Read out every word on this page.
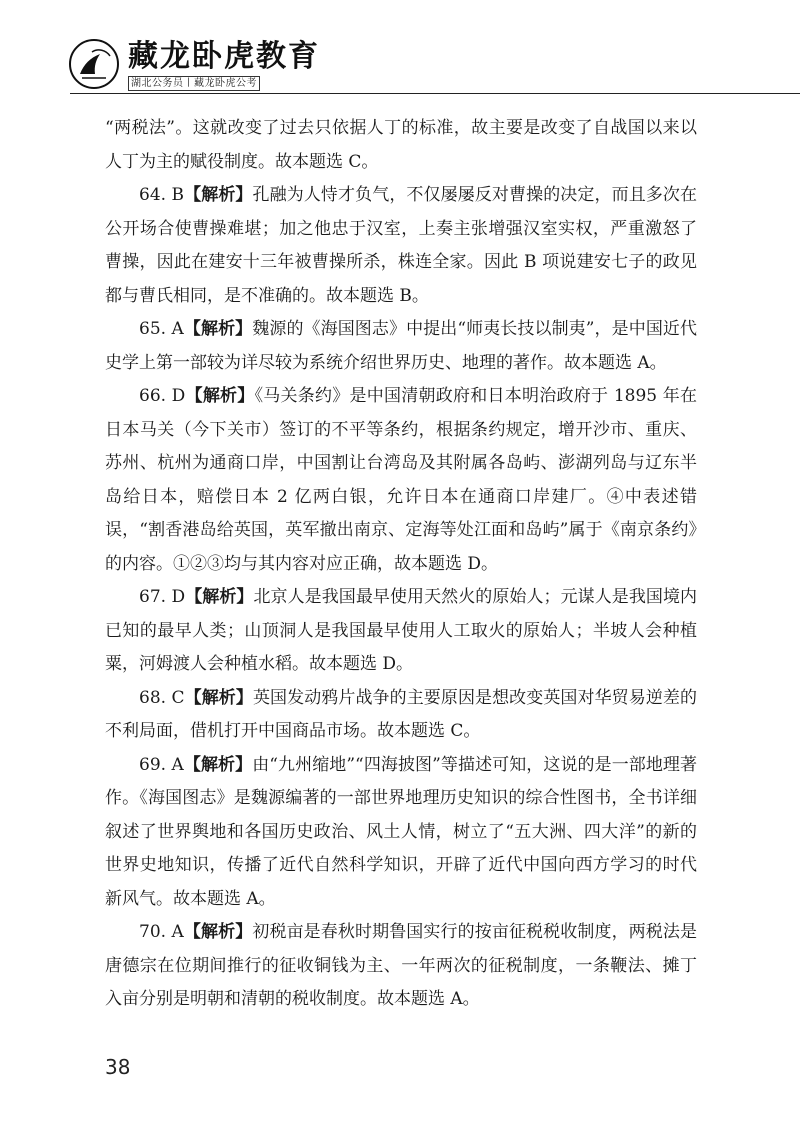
藏龙卧虎教育
湖北公务员丨藏龙卧虎公考

“两税法”。这就改变了过去只依据人丁的标准，故主要是改变了自战国以来以人丁为主的赋役制度。故本题选 C。

64. B【解析】孔融为人恃才负气，不仅屡屡反对曹操的决定，而且多次在公开场合使曹操难堪；加之他忠于汉室，上奏主张增强汉室实权，严重激怒了曹操，因此在建安十三年被曹操所杀，株连全家。因此 B 项说建安七子的政见都与曹氏相同，是不准确的。故本题选 B。

65. A【解析】魏源的《海国图志》中提出“师夷长技以制夷”，是中国近代史学上第一部较为详尽较为系统介绍世界历史、地理的著作。故本题选 A。

66. D【解析】《马关条约》是中国清朝政府和日本明治政府于 1895 年在日本马关（今下关市）签订的不平等条约，根据条约规定，增开沙市、重庆、苏州、杭州为通商口岸，中国割让台湾岛及其附属各岛屿、澎湖列岛与辽东半岛给日本，赔偿日本 2 亿两白银，允许日本在通商口岸建厂。④中表述错误，“割香港岛给英国，英军撤出南京、定海等处江面和岛屿”属于《南京条约》的内容。①②③均与其内容对应正确，故本题选 D。

67. D【解析】北京人是我国最早使用天然火的原始人；元谋人是我国境内已知的最早人类；山顶洞人是我国最早使用人工取火的原始人；半坡人会种植粟，河姆渡人会种植水稻。故本题选 D。

68. C【解析】英国发动鸦片战争的主要原因是想改变英国对华贸易逆差的不利局面，借机打开中国商品市场。故本题选 C。

69. A【解析】由“九州缩地”“四海披图”等描述可知，这说的是一部地理著作。《海国图志》是魏源编著的一部世界地理历史知识的综合性图书，全书详细叙述了世界舆地和各国历史政治、风土人情，树立了“五大洲、四大洋”的新的世界史地知识，传播了近代自然科学知识，开辟了近代中国向西方学习的时代新风气。故本题选 A。

70. A【解析】初税亩是春秋时期鲁国实行的按亩征税税收制度，两税法是唐德宗在位期间推行的征收铜钱为主、一年两次的征税制度，一条鞭法、摊丁入亩分别是明朝和清朝的税收制度。故本题选 A。

38
